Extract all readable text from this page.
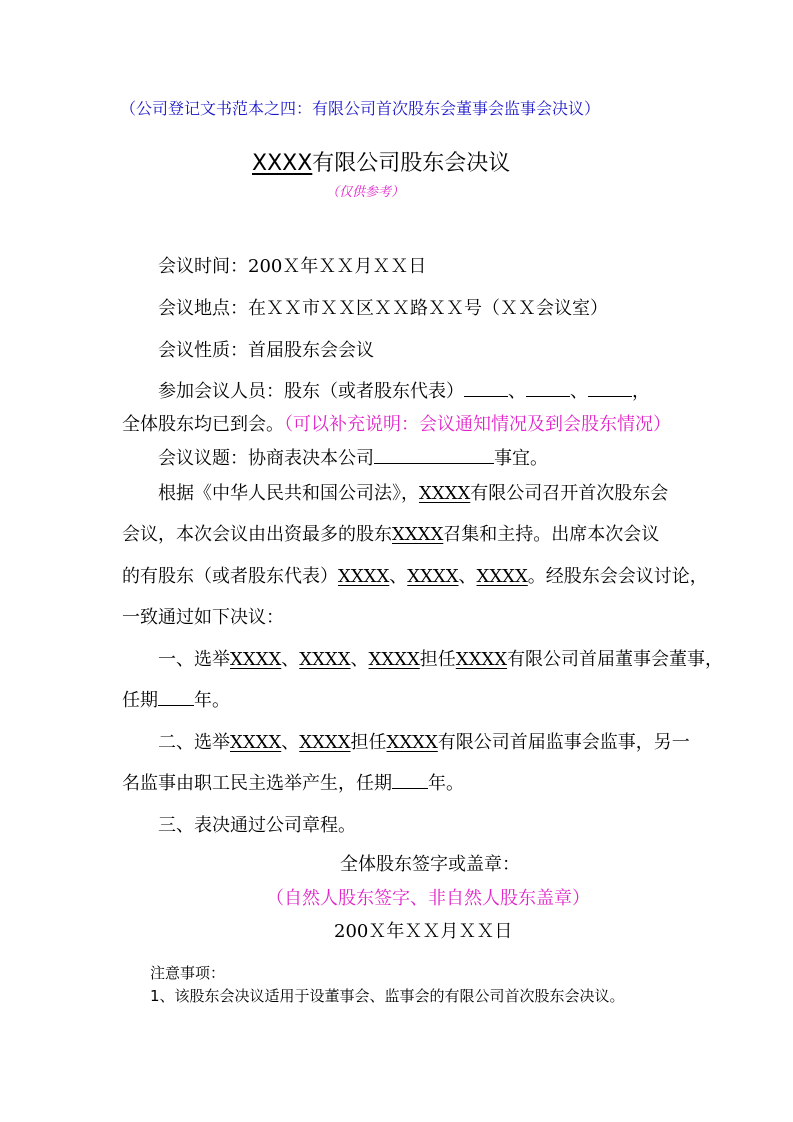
（公司登记文书范本之四：有限公司首次股东会董事会监事会决议）
XXXX有限公司股东会决议
（仅供参考）
会议时间：200Ｘ年ＸＸ月ＸＸ日
会议地点：在ＸＸ市ＸＸ区ＸＸ路ＸＸ号（ＸＸ会议室）
会议性质：首届股东会会议
参加会议人员：股东（或者股东代表） 、 、 ，
全体股东均已到会。（可以补充说明：会议通知情况及到会股东情况）
会议议题：协商表决本公司	事宜。
根据《中华人民共和国公司法》，XXXX有限公司召开首次股东会
会议，本次会议由出资最多的股东XXXX召集和主持。出席本次会议
的有股东（或者股东代表）XXXX、XXXX、XXXX。经股东会会议讨论，
一致通过如下决议：
一、选举XXXX、XXXX、XXXX担任XXXX有限公司首届董事会董事，
任期 年。
二、选举XXXX、XXXX担任XXXX有限公司首届监事会监事，另一
名监事由职工民主选举产生，任期 年。
三、表决通过公司章程。
全体股东签字或盖章：
（自然人股东签字、非自然人股东盖章）
200Ｘ年ＸＸ月ＸＸ日
注意事项：
1、该股东会决议适用于设董事会、监事会的有限公司首次股东会决议。
